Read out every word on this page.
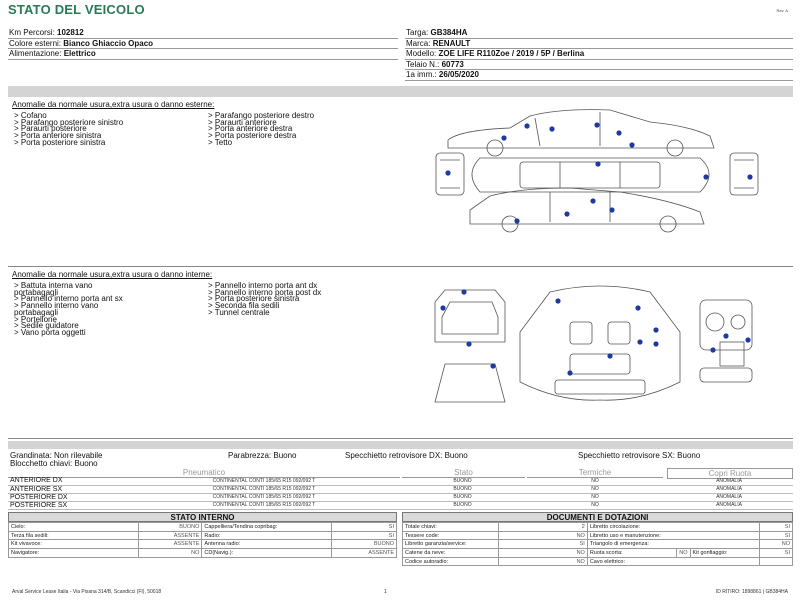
STATO DEL VEICOLO	Rev. A
Km Percorsi: 102812
Colore esterni: Bianco Ghiaccio Opaco
Alimentazione: Elettrico
Targa: GB384HA
Marca: RENAULT
Modello: ZOE LIFE R110Zoe / 2019 / 5P / Berlina
Telaio N.: 60773
1a imm.: 26/05/2020
Anomalie da normale usura,extra usura o danno esterne:
> Cofano
> Parafango posteriore sinistro
> Paraurti posteriore
> Porta anteriore sinistra
> Porta posteriore sinistra
> Parafango posteriore destro
> Paraurti anteriore
> Porta anteriore destra
> Porta posteriore destra
> Tetto
Anomalie da normale usura,extra usura o danno interne:
> Battuta interna vano
portabagagli
> Pannello interno porta ant sx
> Pannello interno vano
portabagagli
> Portellone
> Sedile guidatore
> Vano porta oggetti
> Pannello interno porta ant dx
> Pannello interno porta post dx
> Porta posteriore sinistra
> Seconda fila sedili
> Tunnel centrale
Grandinata: Non rilevabile	Parabrezza: Buono	Specchietto retrovisore DX: Buono	Specchietto retrovisore SX: Buono
Blocchetto chiavi: Buono
Pneumatico	Stato	Termiche	Copri Ruota
ANTERIORE DX	CONTINENTAL CONTI 185/65 R15 092/092 T	BUONO	NO	ANOMALIA
ANTERIORE SX	CONTINENTAL CONTI 185/65 R15 092/092 T	BUONO	NO	ANOMALIA
POSTERIORE DX	CONTINENTAL CONTI 185/65 R15 092/092 T	BUONO	NO	ANOMALIA
POSTERIORE SX	CONTINENTAL CONTI 185/65 R15 092/092 T	BUONO	NO	ANOMALIA
STATO INTERNO
Cielo:	BUONO	Cappelliera/Tendina copribag:	SI
Terza fila sedili:	ASSENTE	Radio:	SI
Kit vivavoce:	ASSENTE	Antenna radio:	BUONO
Navigatore:	NO	CD(Navig.):	ASSENTE
DOCUMENTI E DOTAZIONI
Totale chiavi:	2	Libretto circolazione:			SI
Tessere code:	NO	Libretto uso e manutenzione:			SI
Libretto garanzia/service:	SI	Triangolo di emergenza:			NO
Catene da neve:	NO	Ruota scorta:	NO	Kit gonfiaggio:	SI
Codice autoradio:	NO	Cavo elettrico:			
Arval Service Lease Italia - Via Pisana 314/B, Scandicci (FI), 50018	1	ID RITIRO: 1898861 | GB384HA
